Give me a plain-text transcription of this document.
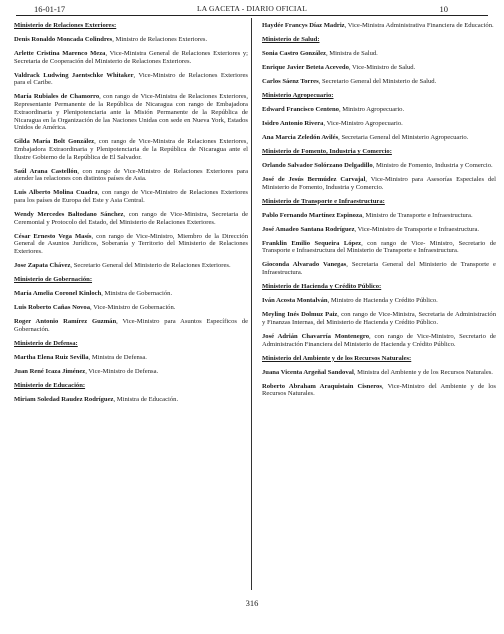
16-01-17	LA GACETA - DIARIO OFICIAL	10
Ministerio de Relaciones Exteriores:
Denis Ronaldo Moncada Colindres, Ministro de Relaciones Exteriores.
Arlette Cristina Marenco Meza, Vice-Ministra General de Relaciones Exteriores y; Secretaria de Cooperación del Ministerio de Relaciones Exteriores.
Valdrack Ludwing Jaentschke Whitaker, Vice-Ministro de Relaciones Exteriores para el Caribe.
María Rubiales de Chamorro, con rango de Vice-Ministra de Relaciones Exteriores, Representante Permanente de la República de Nicaragua con rango de Embajadora Extraordinaria y Plenipotenciaria ante la Misión Permanente de la República de Nicaragua en la Organización de las Naciones Unidas con sede en Nueva York, Estados Unidos de América.
Gilda María Bolt González, con rango de Vice-Ministra de Relaciones Exteriores, Embajadora Extraordinaria y Plenipotenciaria de la República de Nicaragua ante el Ilustre Gobierno de la República de El Salvador.
Saúl Arana Castellón, con rango de Vice-Ministro de Relaciones Exteriores para atender las relaciones con distintos países de Asia.
Luis Alberto Molina Cuadra, con rango de Vice-Ministro de Relaciones Exteriores para los países de Europa del Este y Asia Central.
Wendy Mercedes Baltodano Sánchez, con rango de Vice-Ministra, Secretaria de Ceremonial y Protocolo del Estado, del Ministerio de Relaciones Exteriores.
César Ernesto Vega Masís, con rango de Vice-Ministro, Miembro de la Dirección General de Asuntos Jurídicos, Soberanía y Territorio del Ministerio de Relaciones Exteriores.
Jose Zapata Chávez, Secretario General del Ministerio de Relaciones Exteriores.
Ministerio de Gobernación:
María Amelia Coronel Kinloch, Ministra de Gobernación.
Luis Roberto Cañas Novoa, Vice-Ministro de Gobernación.
Roger Antonio Ramírez Guzmán, Vice-Ministro para Asuntos Específicos de Gobernación.
Ministerio de Defensa:
Martha Elena Ruiz Sevilla, Ministra de Defensa.
Juan René Icaza Jiménez, Vice-Ministro de Defensa.
Ministerio de Educación:
Miriam Soledad Raudez Rodríguez, Ministra de Educación.
Haydée Francys Díaz Madriz, Vice-Ministra Administrativa Financiera de Educación.
Ministerio de Salud:
Sonia Castro González, Ministra de Salud.
Enrique Javier Beteta Acevedo, Vice-Ministro de Salud.
Carlos Sáenz Torres, Secretario General del Ministerio de Salud.
Ministerio Agropecuario:
Edward Francisco Centeno, Ministro Agropecuario.
Isidro Antonio Rivera, Vice-Ministro Agropecuario.
Ana Marcia Zeledón Avilés, Secretaria General del Ministerio Agropecuario.
Ministerio de Fomento, Industria y Comercio:
Orlando Salvador Solórzano Delgadillo, Ministro de Fomento, Industria y Comercio.
José de Jesús Bermúdez Carvajal, Vice-Ministro para Asesorías Especiales del Ministerio de Fomento, Industria y Comercio.
Ministerio de Transporte e Infraestructura:
Pablo Fernando Martínez Espinoza, Ministro de Transporte e Infraestructura.
José Amadeo Santana Rodríguez, Vice-Ministro de Transporte e Infraestructura.
Franklin Emilio Sequeira López, con rango de Vice- Ministro, Secretario de Transporte e Infraestructura del Ministerio de Transporte e Infraestructura.
Gioconda Alvarado Vanegas, Secretaria General del Ministerio de Transporte e Infraestructura.
Ministerio de Hacienda y Crédito Público:
Iván Acosta Montalván, Ministro de Hacienda y Crédito Público.
Meyling Inés Dolmuz Paiz, con rango de Vice-Ministra, Secretaria de Administración y Finanzas Internas, del Ministerio de Hacienda y Crédito Público.
José Adrián Chavarría Montenegro, con rango de Vice-Ministro, Secretario de Administración Financiera del Ministerio de Hacienda y Crédito Público.
Ministerio del Ambiente y de los Recursos Naturales:
Juana Vicenta Argeñal Sandoval, Ministra del Ambiente y de los Recursos Naturales.
Roberto Abraham Araquistain Cisneros, Vice-Ministro del Ambiente y de los Recursos Naturales.
316
